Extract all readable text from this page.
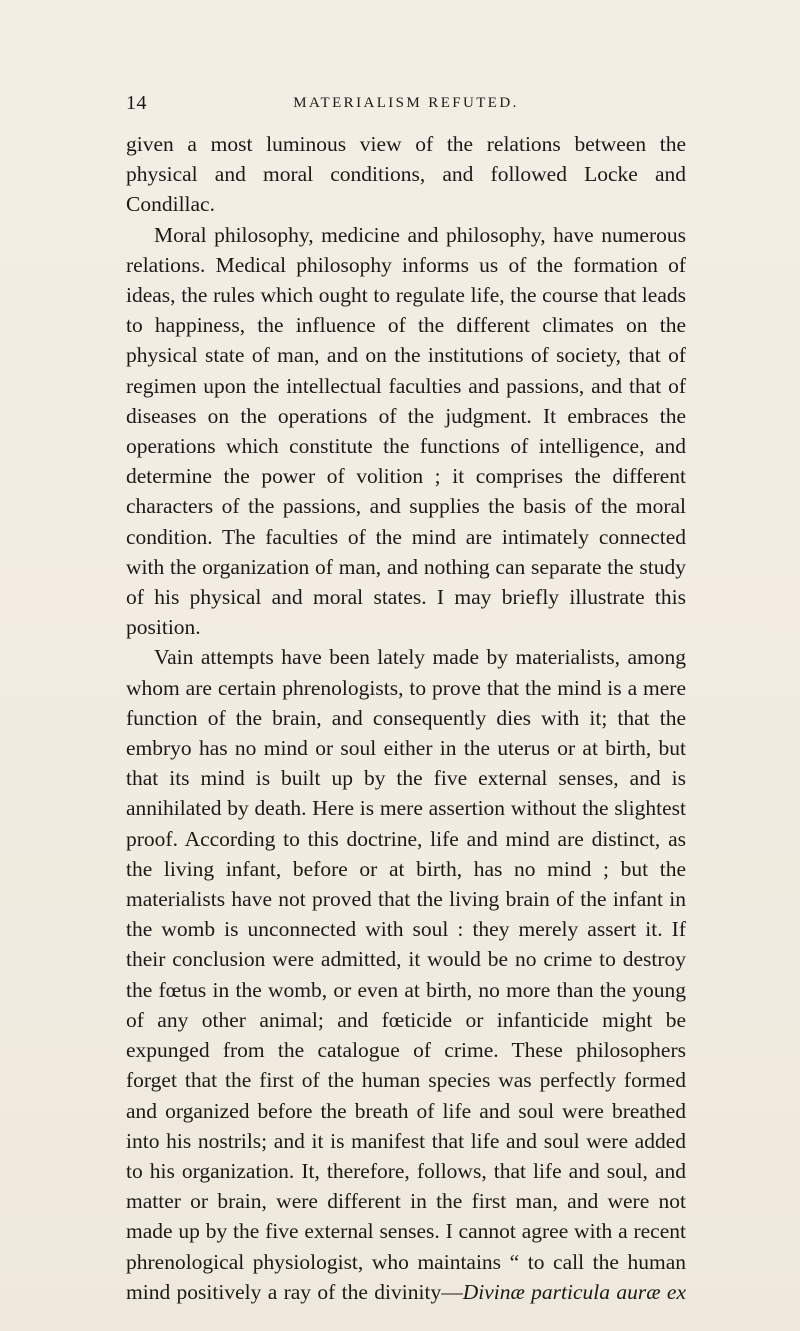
14	MATERIALISM REFUTED.

given a most luminous view of the relations between the physical and moral conditions, and followed Locke and Condillac.

Moral philosophy, medicine and philosophy, have numerous relations. Medical philosophy informs us of the formation of ideas, the rules which ought to regulate life, the course that leads to happiness, the influence of the different climates on the physical state of man, and on the institutions of society, that of regimen upon the intellectual faculties and passions, and that of diseases on the operations of the judgment. It embraces the operations which constitute the functions of intelligence, and determine the power of volition ; it comprises the different characters of the passions, and supplies the basis of the moral condition. The faculties of the mind are intimately connected with the organization of man, and nothing can separate the study of his physical and moral states. I may briefly illustrate this position.

Vain attempts have been lately made by materialists, among whom are certain phrenologists, to prove that the mind is a mere function of the brain, and consequently dies with it; that the embryo has no mind or soul either in the uterus or at birth, but that its mind is built up by the five external senses, and is annihilated by death. Here is mere assertion without the slightest proof. According to this doctrine, life and mind are distinct, as the living infant, before or at birth, has no mind ; but the materialists have not proved that the living brain of the infant in the womb is unconnected with soul : they merely assert it. If their conclusion were admitted, it would be no crime to destroy the fœtus in the womb, or even at birth, no more than the young of any other animal; and fœticide or infanticide might be expunged from the catalogue of crime. These philosophers forget that the first of the human species was perfectly formed and organized before the breath of life and soul were breathed into his nostrils; and it is manifest that life and soul were added to his organization. It, therefore, follows, that life and soul, and matter or brain, were different in the first man, and were not made up by the five external senses. I cannot agree with a recent phrenological physiologist, who maintains “ to call the human mind positively a ray of the divinity—Divinæ particula auræ ex
